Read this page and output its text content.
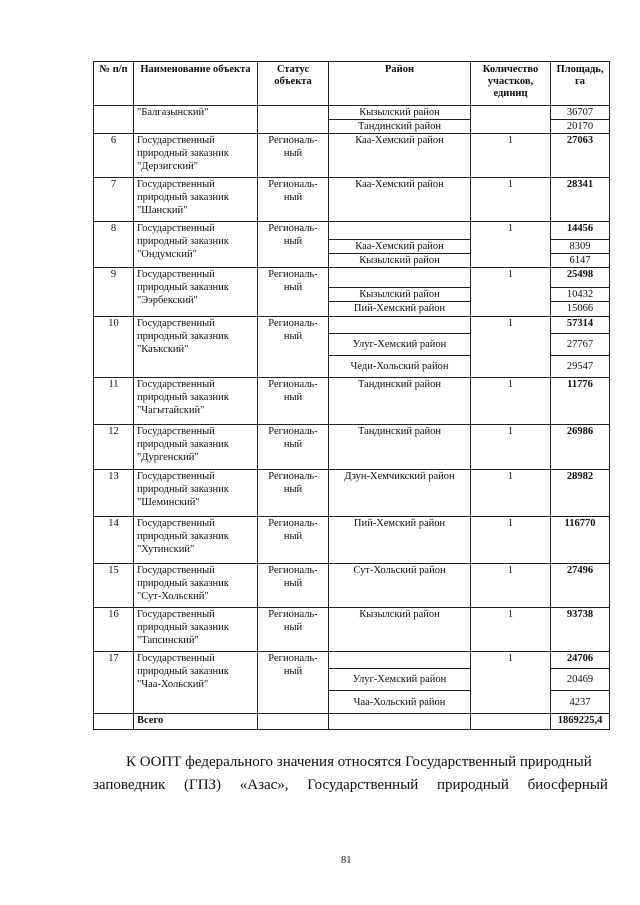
№ п/п	Наименование объекта	Статус объекта	Район	Количество участков, единиц	Площадь, га
	"Балгазынский"		Кызылский район		36707
			Тандинский район		20170
6	Государственный природный заказник "Дерзигский"	Региональ-ный	Каа-Хемский район	1	27063
7	Государственный природный заказник "Шанский"	Региональ-ный	Каа-Хемский район	1	28341
8	Государственный природный заказник "Ондумский"	Региональ-ный		1	14456
			Каа-Хемский район		8309
			Кызылский район		6147
9	Государственный природный заказник "Ээрбекский"	Региональ-ный		1	25498
			Кызылский район		10432
			Пий-Хемский район		15066
10	Государственный природный заказник "Каъкский"	Региональ-ный		1	57314
			Улуг-Хемский район		27767
			Чеди-Хольский район		29547
11	Государственный природный заказник "Чагытайский"	Региональ-ный	Тандинский район	1	11776
12	Государственный природный заказник "Дургенский"	Региональ-ный	Тандинский район	1	26986
13	Государственный природный заказник "Шеминский"	Региональ-ный	Дзун-Хемчикский район	1	28982
14	Государственный природный заказник "Хутинский"	Региональ-ный	Пий-Хемский район	1	116770
15	Государственный природный заказник "Сут-Хольский"	Региональ-ный	Сут-Хольский район	1	27496
16	Государственный природный заказник "Тапсинский"	Региональ-ный	Кызылский район	1	93738
17	Государственный природный заказник "Чаа-Хольский"	Региональ-ный		1	24706
			Улуг-Хемский район		20469
			Чаа-Хольский район		4237
	Всего				1869225,4

К ООПТ федерального значения относятся Государственный природный

заповедник (ГПЗ) «Азас», Государственный природный биосферный

81
